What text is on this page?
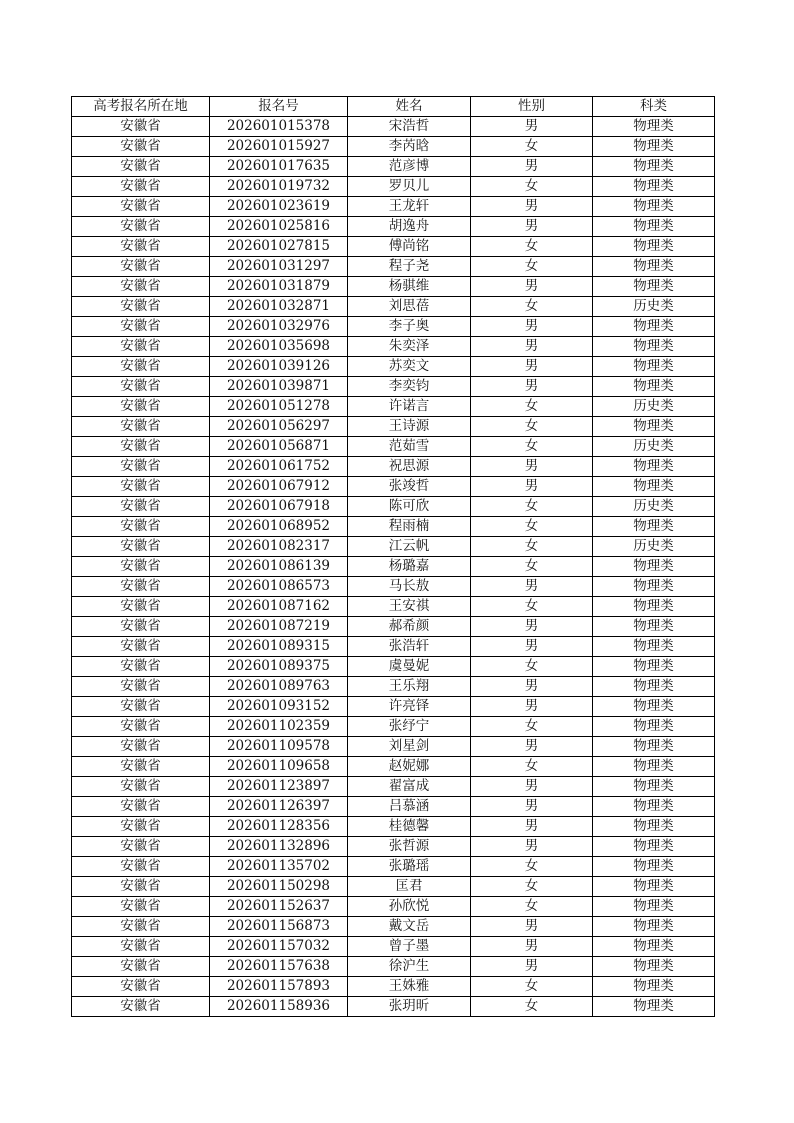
高考报名所在地	报名号	姓名	性别	科类
安徽省	202601015378	宋浩哲	男	物理类
安徽省	202601015927	李芮晗	女	物理类
安徽省	202601017635	范彦博	男	物理类
安徽省	202601019732	罗贝儿	女	物理类
安徽省	202601023619	王龙轩	男	物理类
安徽省	202601025816	胡逸舟	男	物理类
安徽省	202601027815	傅尚铭	女	物理类
安徽省	202601031297	程子尧	女	物理类
安徽省	202601031879	杨骐维	男	物理类
安徽省	202601032871	刘思蓓	女	历史类
安徽省	202601032976	李子奥	男	物理类
安徽省	202601035698	朱奕泽	男	物理类
安徽省	202601039126	苏奕文	男	物理类
安徽省	202601039871	李奕钧	男	物理类
安徽省	202601051278	许诺言	女	历史类
安徽省	202601056297	王诗源	女	物理类
安徽省	202601056871	范茹雪	女	历史类
安徽省	202601061752	祝思源	男	物理类
安徽省	202601067912	张竣哲	男	物理类
安徽省	202601067918	陈可欣	女	历史类
安徽省	202601068952	程雨楠	女	物理类
安徽省	202601082317	江云帆	女	历史类
安徽省	202601086139	杨璐嘉	女	物理类
安徽省	202601086573	马长敖	男	物理类
安徽省	202601087162	王安祺	女	物理类
安徽省	202601087219	郝希颜	男	物理类
安徽省	202601089315	张浩轩	男	物理类
安徽省	202601089375	虞曼妮	女	物理类
安徽省	202601089763	王乐翔	男	物理类
安徽省	202601093152	许亮铎	男	物理类
安徽省	202601102359	张纾宁	女	物理类
安徽省	202601109578	刘星剑	男	物理类
安徽省	202601109658	赵妮娜	女	物理类
安徽省	202601123897	翟富成	男	物理类
安徽省	202601126397	吕慕涵	男	物理类
安徽省	202601128356	桂德馨	男	物理类
安徽省	202601132896	张哲源	男	物理类
安徽省	202601135702	张璐瑶	女	物理类
安徽省	202601150298	匡君	女	物理类
安徽省	202601152637	孙欣悦	女	物理类
安徽省	202601156873	戴文岳	男	物理类
安徽省	202601157032	曾子墨	男	物理类
安徽省	202601157638	徐沪生	男	物理类
安徽省	202601157893	王姝雅	女	物理类
安徽省	202601158936	张玥昕	女	物理类
